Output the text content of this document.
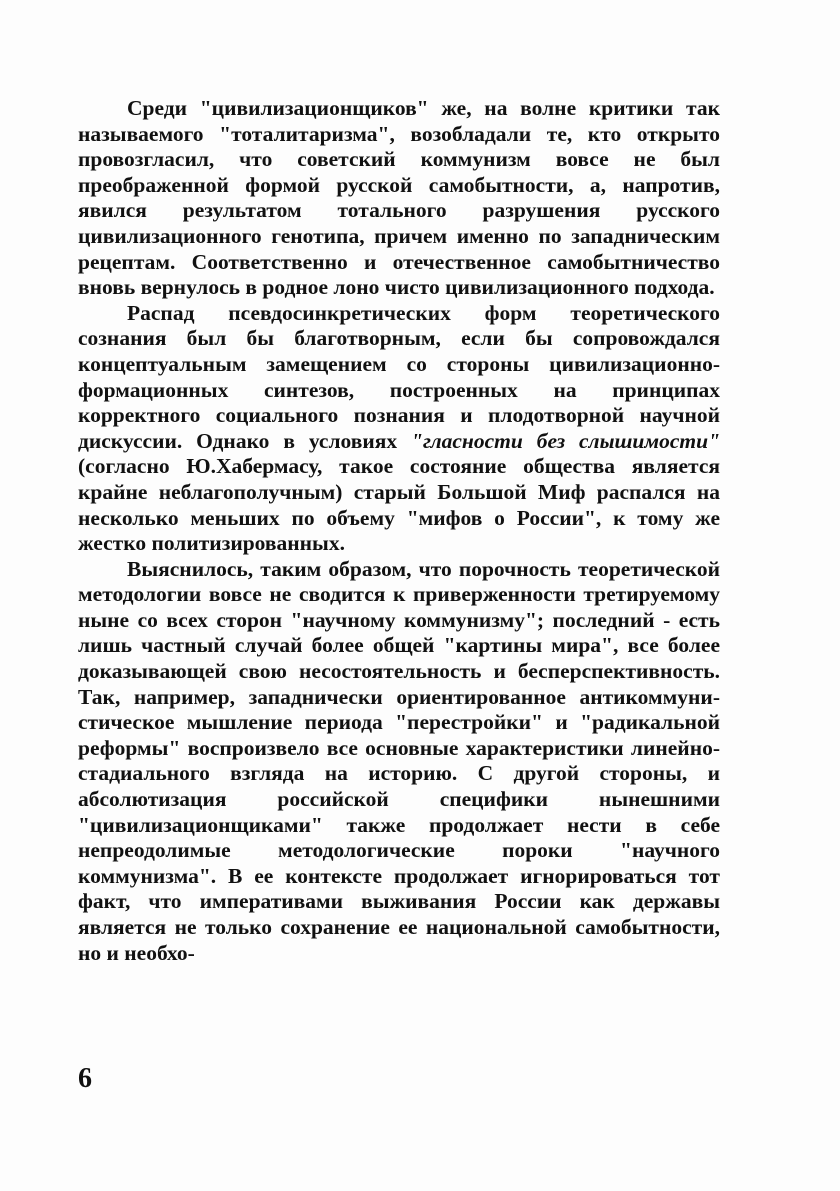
Среди "цивилизационщиков" же, на волне критики так называемого "тоталитаризма", возобладали те, кто открыто провозгласил, что советский коммунизм вовсе не был преображенной формой русской самобытности, а, напротив, явился результатом тотального разрушения русского цивилизационного генотипа, причем именно по западническим рецептам. Соответственно и отечественное самобытничество вновь вернулось в родное лоно чисто цивилизационного подхода.

Распад псевдосинкретических форм теоретического сознания был бы благотворным, если бы сопровождался концептуальным замещением со стороны цивилизационно-формационных синтезов, построенных на принципах корректного социального познания и плодотворной научной дискуссии. Однако в условиях "гласности без слышимости" (согласно Ю.Хабермасу, такое состояние общества является крайне неблагополучным) старый Большой Миф распался на несколько меньших по объему "мифов о России", к тому же жестко политизированных.

Выяснилось, таким образом, что порочность теоретической методологии вовсе не сводится к приверженности третируемому ныне со всех сторон "научному коммунизму"; последний - есть лишь частный случай более общей "картины мира", все более доказывающей свою несостоятельность и бесперспективность. Так, например, западнически ориентированное антикоммунистическое мышление периода "перестройки" и "радикальной реформы" воспроизвело все основные характеристики линейно-стадиального взгляда на историю. С другой стороны, и абсолютизация российской специфики нынешними "цивилизационщиками" также продолжает нести в себе непреодолимые методологические пороки "научного коммунизма". В ее контексте продолжает игнорироваться тот факт, что императивами выживания России как державы является не только сохранение ее национальной самобытности, но и необхо-

6
